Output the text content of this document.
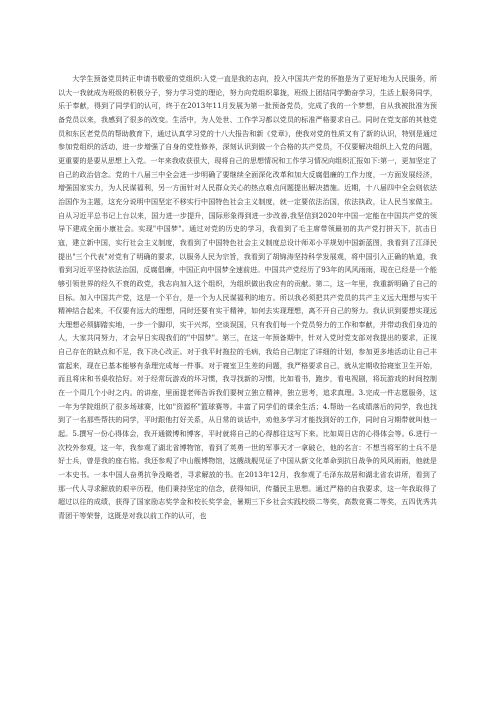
大学生预备党员转正申请书敬爱的党组织:入党一直是我的志向，投入中国共产党的怀抱是为了更好地为人民服务，所以大一我就成为班级的积极分子，努力学习党的理论，努力向党组织靠拢，班级上团结同学勤奋学习，生活上服务同学，乐于奉献，得到了同学们的认可，终于在2013年11月发展为第一批预备党员，完成了我的一个梦想，自从我被批准为预备党员以来，我感到了很多的改变。生活中，为人处世、工作学习都以党员的标准严格要求自己。同时在党支部的其他党员和东区老党员的帮助教育下，通过认真学习党的十八大报告和新《党章》，使我对党的性质又有了新的认识，特别是通过参加党组织的活动，进一步增强了自身的党性修养，深刻认识到做一个合格的共产党员，不仅要解决组织上入党的问题，更重要的是要从思想上入党。一年来我收获很大，现将自己的思想情况和工作学习情况向组织汇报如下:第一，更加坚定了自己的政治信念。党的十八届三中全会进一步明确了要继续全面深化改革和加大反腐倡廉的工作力度，一方面发展经济，增强国家实力，为人民谋福利，另一方面针对人民群众关心的热点难点问题提出解决措施。近期，十八届四中全会则依法治国作为主题，这充分说明中国坚定不移实行中国特色社会主义制度，就一定要依法治国，依法执政，让人民当家做主。自从习近平总书记上台以来，国力进一步提升，国际形象得到进一步改善,我坚信到2020年中国一定能在中国共产党的领导下建成全面小康社会。实现"中国梦"。通过对党的历史的学习，我看到了毛主席带领最初的共产党打拼天下，抗击日寇，建立新中国，实行社会主义制度，我看到了中国特色社会主义制度总设计师邓小平规划中国新蓝图，我看到了江泽民提出"三个代表"对党有了明确的要求，以服务人民为宗旨，我看到了胡锦涛坚持科学发展观，将中国引入正确的轨道，我看到习近平坚持依法治国，反腐倡廉，中国正向中国梦全速前进。中国共产党经历了93年的风风雨雨，现在已经是一个能够引领世界的经久不衰的政党，我志向加入这个组织，为组织做出我应有的贡献。第二，这一年里，我重新明确了自己的目标。加入中国共产党，这是一个平台，是一个为人民谋福利的地方。所以我必须把共产党员的共产主义远大理想与实干精神结合起来，不仅要有远大的理想，同时还要有实干精神，如何去实现理想，离不开自己的努力。我认识到要想实现远大理想必须脚踏实地，一步一个脚印，实干兴邦，空谈误国，只有我们每一个党员努力的工作和奉献，并带动我们身边的人，大家共同努力，才会早日实现我们的"中国梦"。第三，在这一年预备期中，针对入党时党支部对我提出的要求，正视自己存在的缺点和不足，我下决心改正。对于我平时拖拉的毛病，我给自己制定了详细的计划，参加更多地活动让自己丰富起来，现在已基本能够有条理完成每一件事。对于寝室卫生差的问题，我严格要求自己，就从定期收拾寝室卫生开始，而且将床和书桌收拾好。对于经常玩游戏的坏习惯，我寻找新的习惯，比如看书，跑步，看电视剧，将玩游戏的时间控制在一个周几个小时之内。的讲座，里面提老师告诉我们要树立独立精神，独立思考，追求真理。3.完成一件志愿服务，这一年为学院组织了很多场球赛，比如"资源杯"篮球赛等。丰富了同学们的课余生活；4.帮助一名成绩落后的同学，我也找到了一名那些帮扶的同学，平时跟他打好关系，从日常的谈话中，劝他多学习才能找到好的工作，同时自习期带就叫他一起。5.撰写一份心得体会，我开通微博和博客，平时就将自己的心得都往这写下来。比如周日店的心得体会等。6.进行一次校外参观，这一年，我参观了湖北省博物馆，看到了英勇一世的军事天才一拿破仑，他的名言：不想当将军的士兵不是好士兵，曾是我的座右铭。我还参观了中山舰博物馆，这艘战舰见证了中国从新文化革命到抗日战争的风风雨雨，他就是一本史书。一本中国人奋勇抗争没略者，寻求解放的书。在2013年12月，我参观了毛泽东故居和湖北省农讲所，看到了那一代人寻求解放的艰辛历程，他们秉持坚定的信念，获得知识，传播民主思想。通过严格的自我要求，这一年我取得了超过以往的成绩，获得了国家励志奖学金和校长奖学金，暑期三下乡社会实践校级二等奖，高数竞赛二等奖，五四优秀共青团干等荣誉，这既是对我以前工作的认可，也
